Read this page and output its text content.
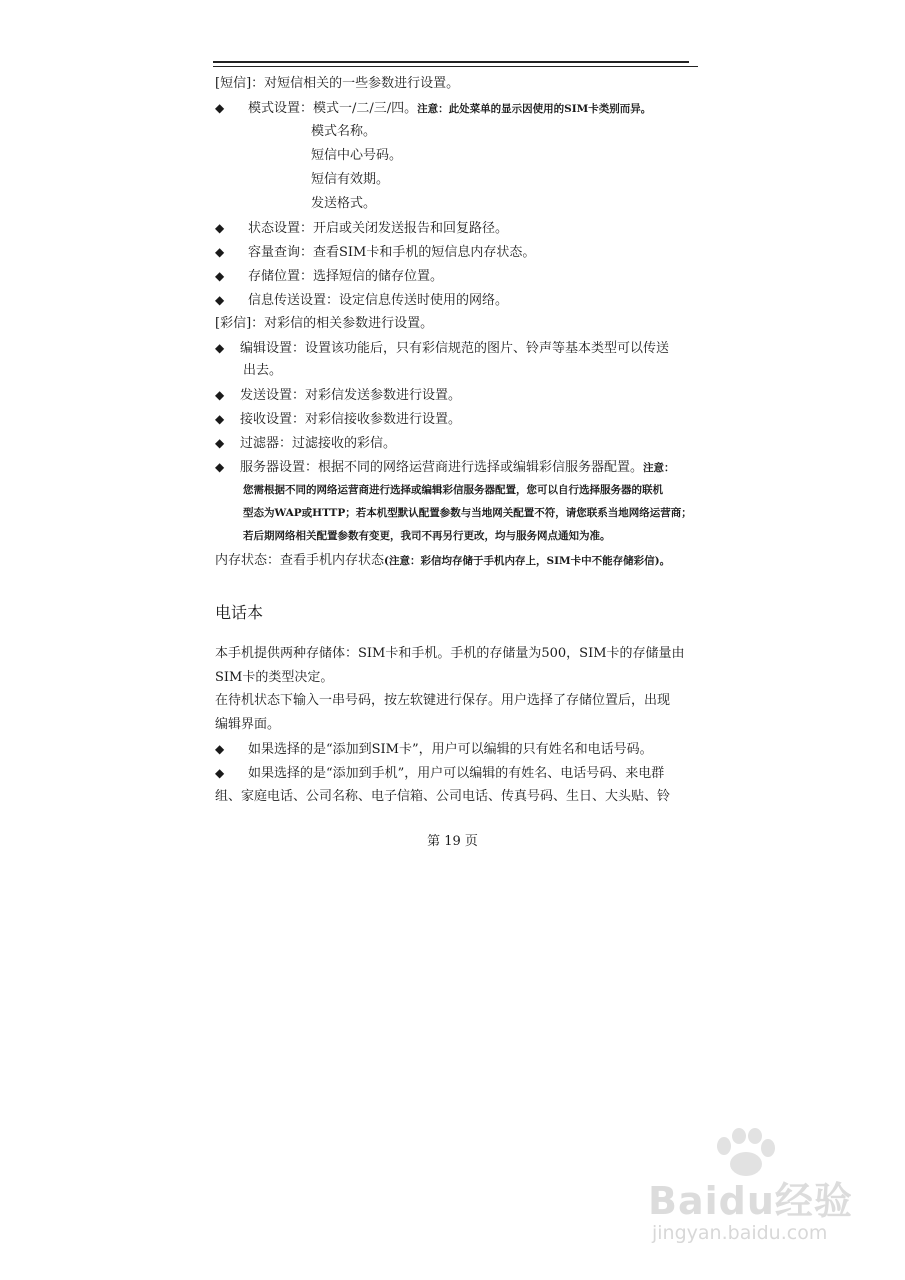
[短信]：对短信相关的一些参数进行设置。
◆ 模式设置：模式一/二/三/四。注意：此处菜单的显示因使用的SIM卡类别而异。
模式名称。
短信中心号码。
短信有效期。
发送格式。
◆ 状态设置：开启或关闭发送报告和回复路径。
◆ 容量查询：查看SIM卡和手机的短信息内存状态。
◆ 存储位置：选择短信的储存位置。
◆ 信息传送设置：设定信息传送时使用的网络。
[彩信]：对彩信的相关参数进行设置。
◆ 编辑设置：设置该功能后，只有彩信规范的图片、铃声等基本类型可以传送
出去。
◆ 发送设置：对彩信发送参数进行设置。
◆ 接收设置：对彩信接收参数进行设置。
◆ 过滤器：过滤接收的彩信。
◆ 服务器设置：根据不同的网络运营商进行选择或编辑彩信服务器配置。注意：
您需根据不同的网络运营商进行选择或编辑彩信服务器配置，您可以自行选择服务器的联机
型态为WAP或HTTP；若本机型默认配置参数与当地网关配置不符，请您联系当地网络运营商；
若后期网络相关配置参数有变更，我司不再另行更改，均与服务网点通知为准。
内存状态：查看手机内存状态(注意：彩信均存储于手机内存上，SIM卡中不能存储彩信)。
电话本
本手机提供两种存储体：SIM卡和手机。手机的存储量为500，SIM卡的存储量由
SIM卡的类型决定。
在待机状态下输入一串号码，按左软键进行保存。用户选择了存储位置后，出现
编辑界面。
◆ 如果选择的是“添加到SIM卡”，用户可以编辑的只有姓名和电话号码。
◆ 如果选择的是“添加到手机”，用户可以编辑的有姓名、电话号码、来电群
组、家庭电话、公司名称、电子信箱、公司电话、传真号码、生日、大头贴、铃
第 19 页
Baidu经验
jingyan.baidu.com
